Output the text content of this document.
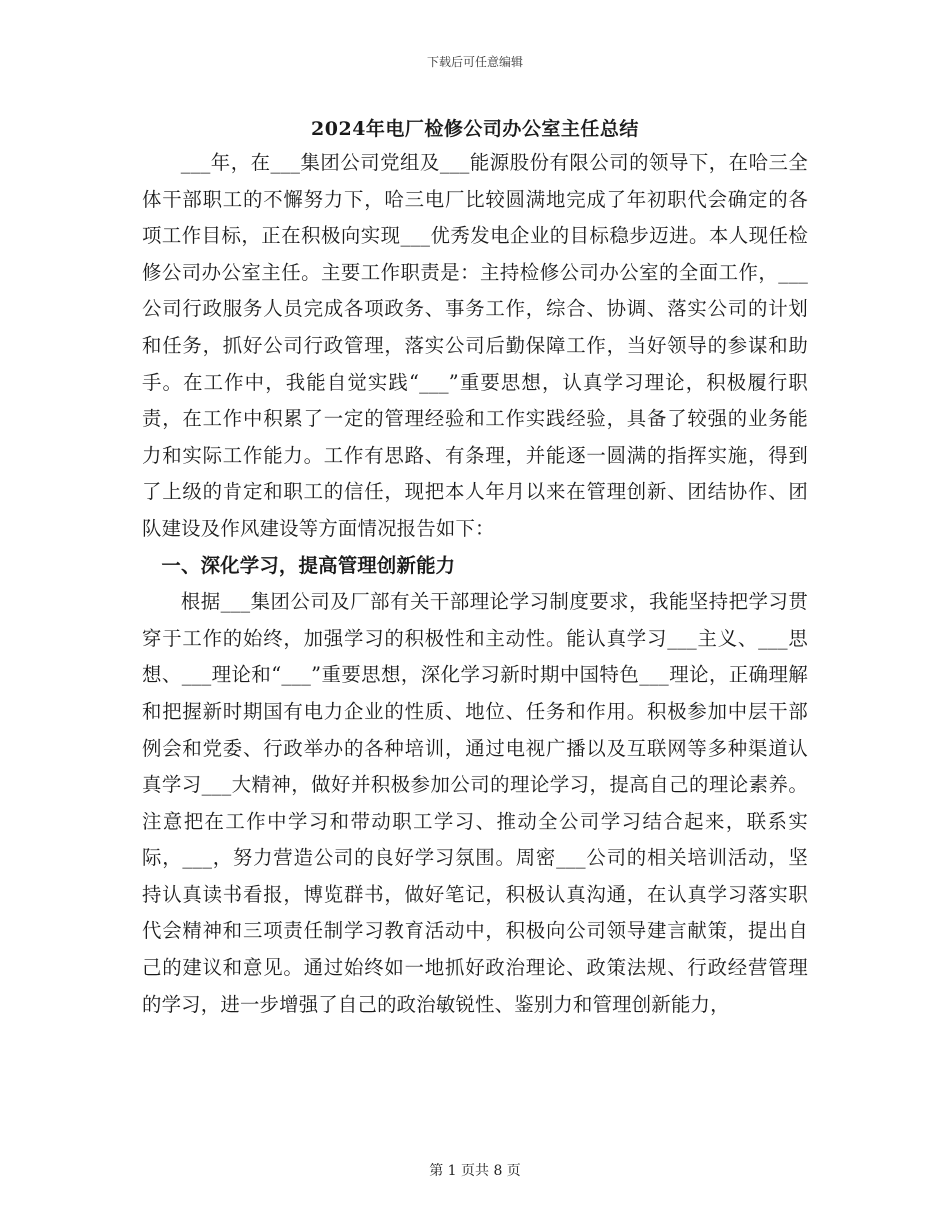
下载后可任意编辑
2024年电厂检修公司办公室主任总结

___年，在___集团公司党组及___能源股份有限公司的领导下，在哈三全体干部职工的不懈努力下，哈三电厂比较圆满地完成了年初职代会确定的各项工作目标，正在积极向实现___优秀发电企业的目标稳步迈进。本人现任检修公司办公室主任。主要工作职责是：主持检修公司办公室的全面工作，___公司行政服务人员完成各项政务、事务工作，综合、协调、落实公司的计划和任务，抓好公司行政管理，落实公司后勤保障工作，当好领导的参谋和助手。在工作中，我能自觉实践“___”重要思想，认真学习理论，积极履行职责，在工作中积累了一定的管理经验和工作实践经验，具备了较强的业务能力和实际工作能力。工作有思路、有条理，并能逐一圆满的指挥实施，得到了上级的肯定和职工的信任，现把本人年月以来在管理创新、团结协作、团队建设及作风建设等方面情况报告如下：

一、深化学习，提高管理创新能力

根据___集团公司及厂部有关干部理论学习制度要求，我能坚持把学习贯穿于工作的始终，加强学习的积极性和主动性。能认真学习___主义、___思想、___理论和“___”重要思想，深化学习新时期中国特色___理论，正确理解和把握新时期国有电力企业的性质、地位、任务和作用。积极参加中层干部例会和党委、行政举办的各种培训，通过电视广播以及互联网等多种渠道认真学习___大精神，做好并积极参加公司的理论学习，提高自己的理论素养。注意把在工作中学习和带动职工学习、推动全公司学习结合起来，联系实际，___，努力营造公司的良好学习氛围。周密___公司的相关培训活动，坚持认真读书看报，博览群书，做好笔记，积极认真沟通，在认真学习落实职代会精神和三项责任制学习教育活动中，积极向公司领导建言献策，提出自己的建议和意见。通过始终如一地抓好政治理论、政策法规、行政经营管理的学习，进一步增强了自己的政治敏锐性、鉴别力和管理创新能力，

第 1 页共 8 页
